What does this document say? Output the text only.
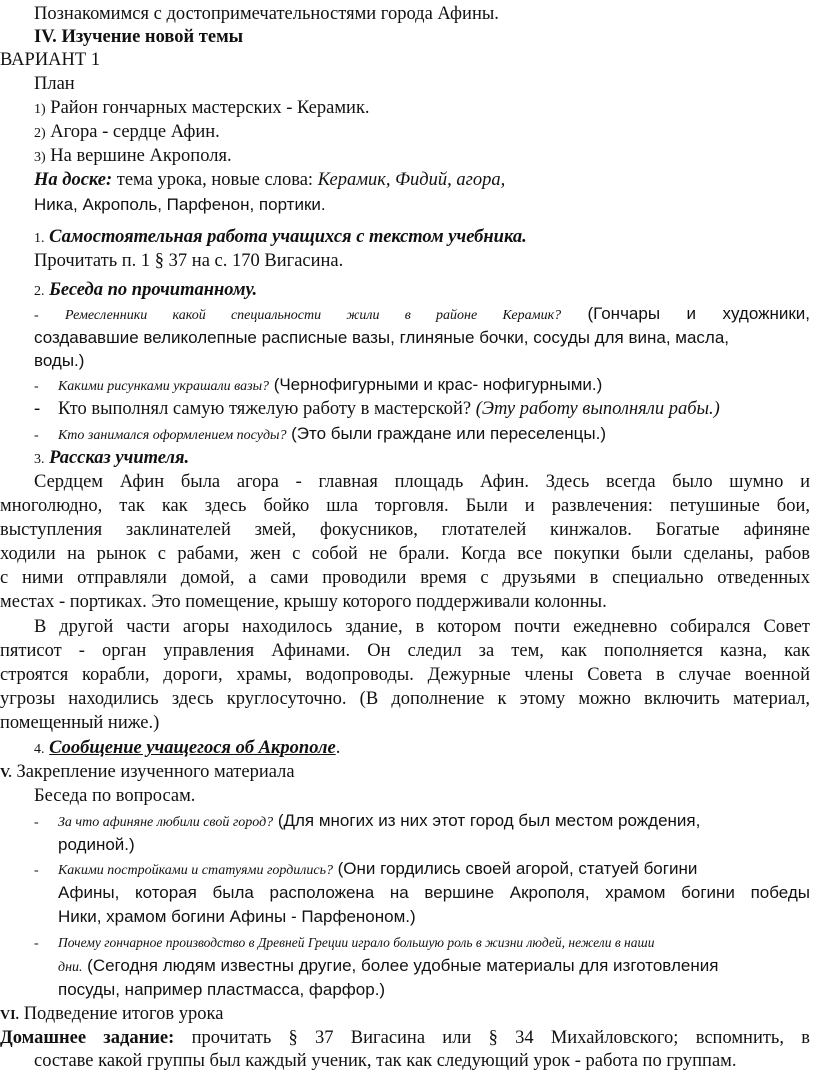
Познакомимся с достопримечательностями города Афины.
IV. Изучение новой темы
ВАРИАНТ 1
План
1) Район гончарных мастерских - Керамик.
2) Агора - сердце Афин.
3) На вершине Акрополя.
На доске: тема урока, новые слова: Керамик, Фидий, агора,
Ника, Акрополь, Парфенон, портики.
1. Самостоятельная работа учащихся с текстом учебника.
Прочитать п. 1 § 37 на с. 170 Вигасина.
2. Беседа по прочитанному.
- Ремесленники какой специальности жили в районе Керамик? (Гончары и художники,
создававшие великолепные расписные вазы, глиняные бочки, сосуды для вина, масла,
воды.)
- Какими рисунками украшали вазы? (Чернофигурными и крас- нофигурными.)
- Кто выполнял самую тяжелую работу в мастерской? (Эту работу выполняли рабы.)
- Кто занимался оформлением посуды? (Это были граждане или переселенцы.)
3. Рассказ учителя.
Сердцем Афин была агора - главная площадь Афин. Здесь всегда было шумно и
многолюдно, так как здесь бойко шла торговля. Были и развлечения: петушиные бои,
выступления заклинателей змей, фокусников, глотателей кинжалов. Богатые афиняне
ходили на рынок с рабами, жен с собой не брали. Когда все покупки были сделаны, рабов
с ними отправляли домой, а сами проводили время с друзьями в специально отведенных
местах - портиках. Это помещение, крышу которого поддерживали колонны.
В другой части агоры находилось здание, в котором почти ежедневно собирался Совет
пятисот - орган управления Афинами. Он следил за тем, как пополняется казна, как
строятся корабли, дороги, храмы, водопроводы. Дежурные члены Совета в случае военной
угрозы находились здесь круглосуточно. (В дополнение к этому можно включить материал,
помещенный ниже.)
4. Сообщение учащегося об Акрополе.
V. Закрепление изученного материала
Беседа по вопросам.
- За что афиняне любили свой город? (Для многих из них этот город был местом рождения,
родиной.)
- Какими постройками и статуями гордились? (Они гордились своей агорой, статуей богини
Афины, которая была расположена на вершине Акрополя, храмом богини победы
Ники, храмом богини Афины - Парфеноном.)
- Почему гончарное производство в Древней Греции играло большую роль в жизни людей, нежели в наши
дни. (Сегодня людям известны другие, более удобные материалы для изготовления
посуды, например пластмасса, фарфор.)
VI. Подведение итогов урока
Домашнее задание: прочитать § 37 Вигасина или § 34 Михайловского; вспомнить, в
составе какой группы был каждый ученик, так как следующий урок - работа по группам.
